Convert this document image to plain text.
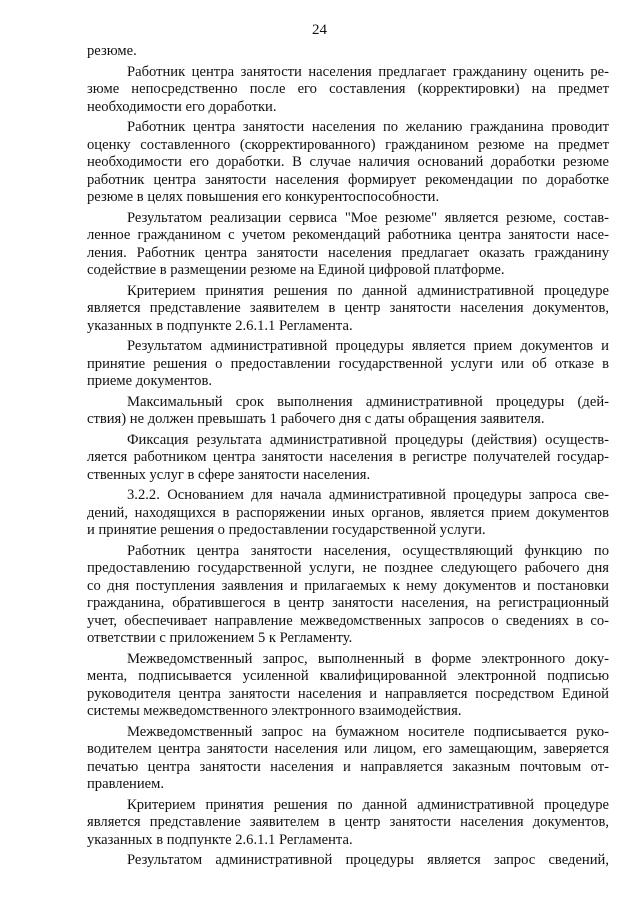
24
резюме.
Работник центра занятости населения предлагает гражданину оценить ре-
зюме непосредственно после его составления (корректировки) на предмет
необходимости его доработки.
Работник центра занятости населения по желанию гражданина проводит
оценку составленного (скорректированного) гражданином резюме на предмет
необходимости его доработки. В случае наличия оснований доработки резюме
работник центра занятости населения формирует рекомендации по доработке
резюме в целях повышения его конкурентоспособности.
Результатом реализации сервиса "Мое резюме" является резюме, состав-
ленное гражданином с учетом рекомендаций работника центра занятости насе-
ления. Работник центра занятости населения предлагает оказать гражданину
содействие в размещении резюме на Единой цифровой платформе.
Критерием принятия решения по данной административной процедуре
является представление заявителем в центр занятости населения документов,
указанных в подпункте 2.6.1.1 Регламента.
Результатом административной процедуры является прием документов и
принятие решения о предоставлении государственной услуги или об отказе в
приеме документов.
Максимальный срок выполнения административной процедуры (дей-
ствия) не должен превышать 1 рабочего дня с даты обращения заявителя.
Фиксация результата административной процедуры (действия) осуществ-
ляется работником центра занятости населения в регистре получателей государ-
ственных услуг в сфере занятости населения.
3.2.2. Основанием для начала административной процедуры запроса све-
дений, находящихся в распоряжении иных органов, является прием документов
и принятие решения о предоставлении государственной услуги.
Работник центра занятости населения, осуществляющий функцию по
предоставлению государственной услуги, не позднее следующего рабочего дня
со дня поступления заявления и прилагаемых к нему документов и постановки
гражданина, обратившегося в центр занятости населения, на регистрационный
учет, обеспечивает направление межведомственных запросов о сведениях в со-
ответствии с приложением 5 к Регламенту.
Межведомственный запрос, выполненный в форме электронного доку-
мента, подписывается усиленной квалифицированной электронной подписью
руководителя центра занятости населения и направляется посредством Единой
системы межведомственного электронного взаимодействия.
Межведомственный запрос на бумажном носителе подписывается руко-
водителем центра занятости населения или лицом, его замещающим, заверяется
печатью центра занятости населения и направляется заказным почтовым от-
правлением.
Критерием принятия решения по данной административной процедуре
является представление заявителем в центр занятости населения документов,
указанных в подпункте 2.6.1.1 Регламента.
Результатом административной процедуры является запрос сведений,
